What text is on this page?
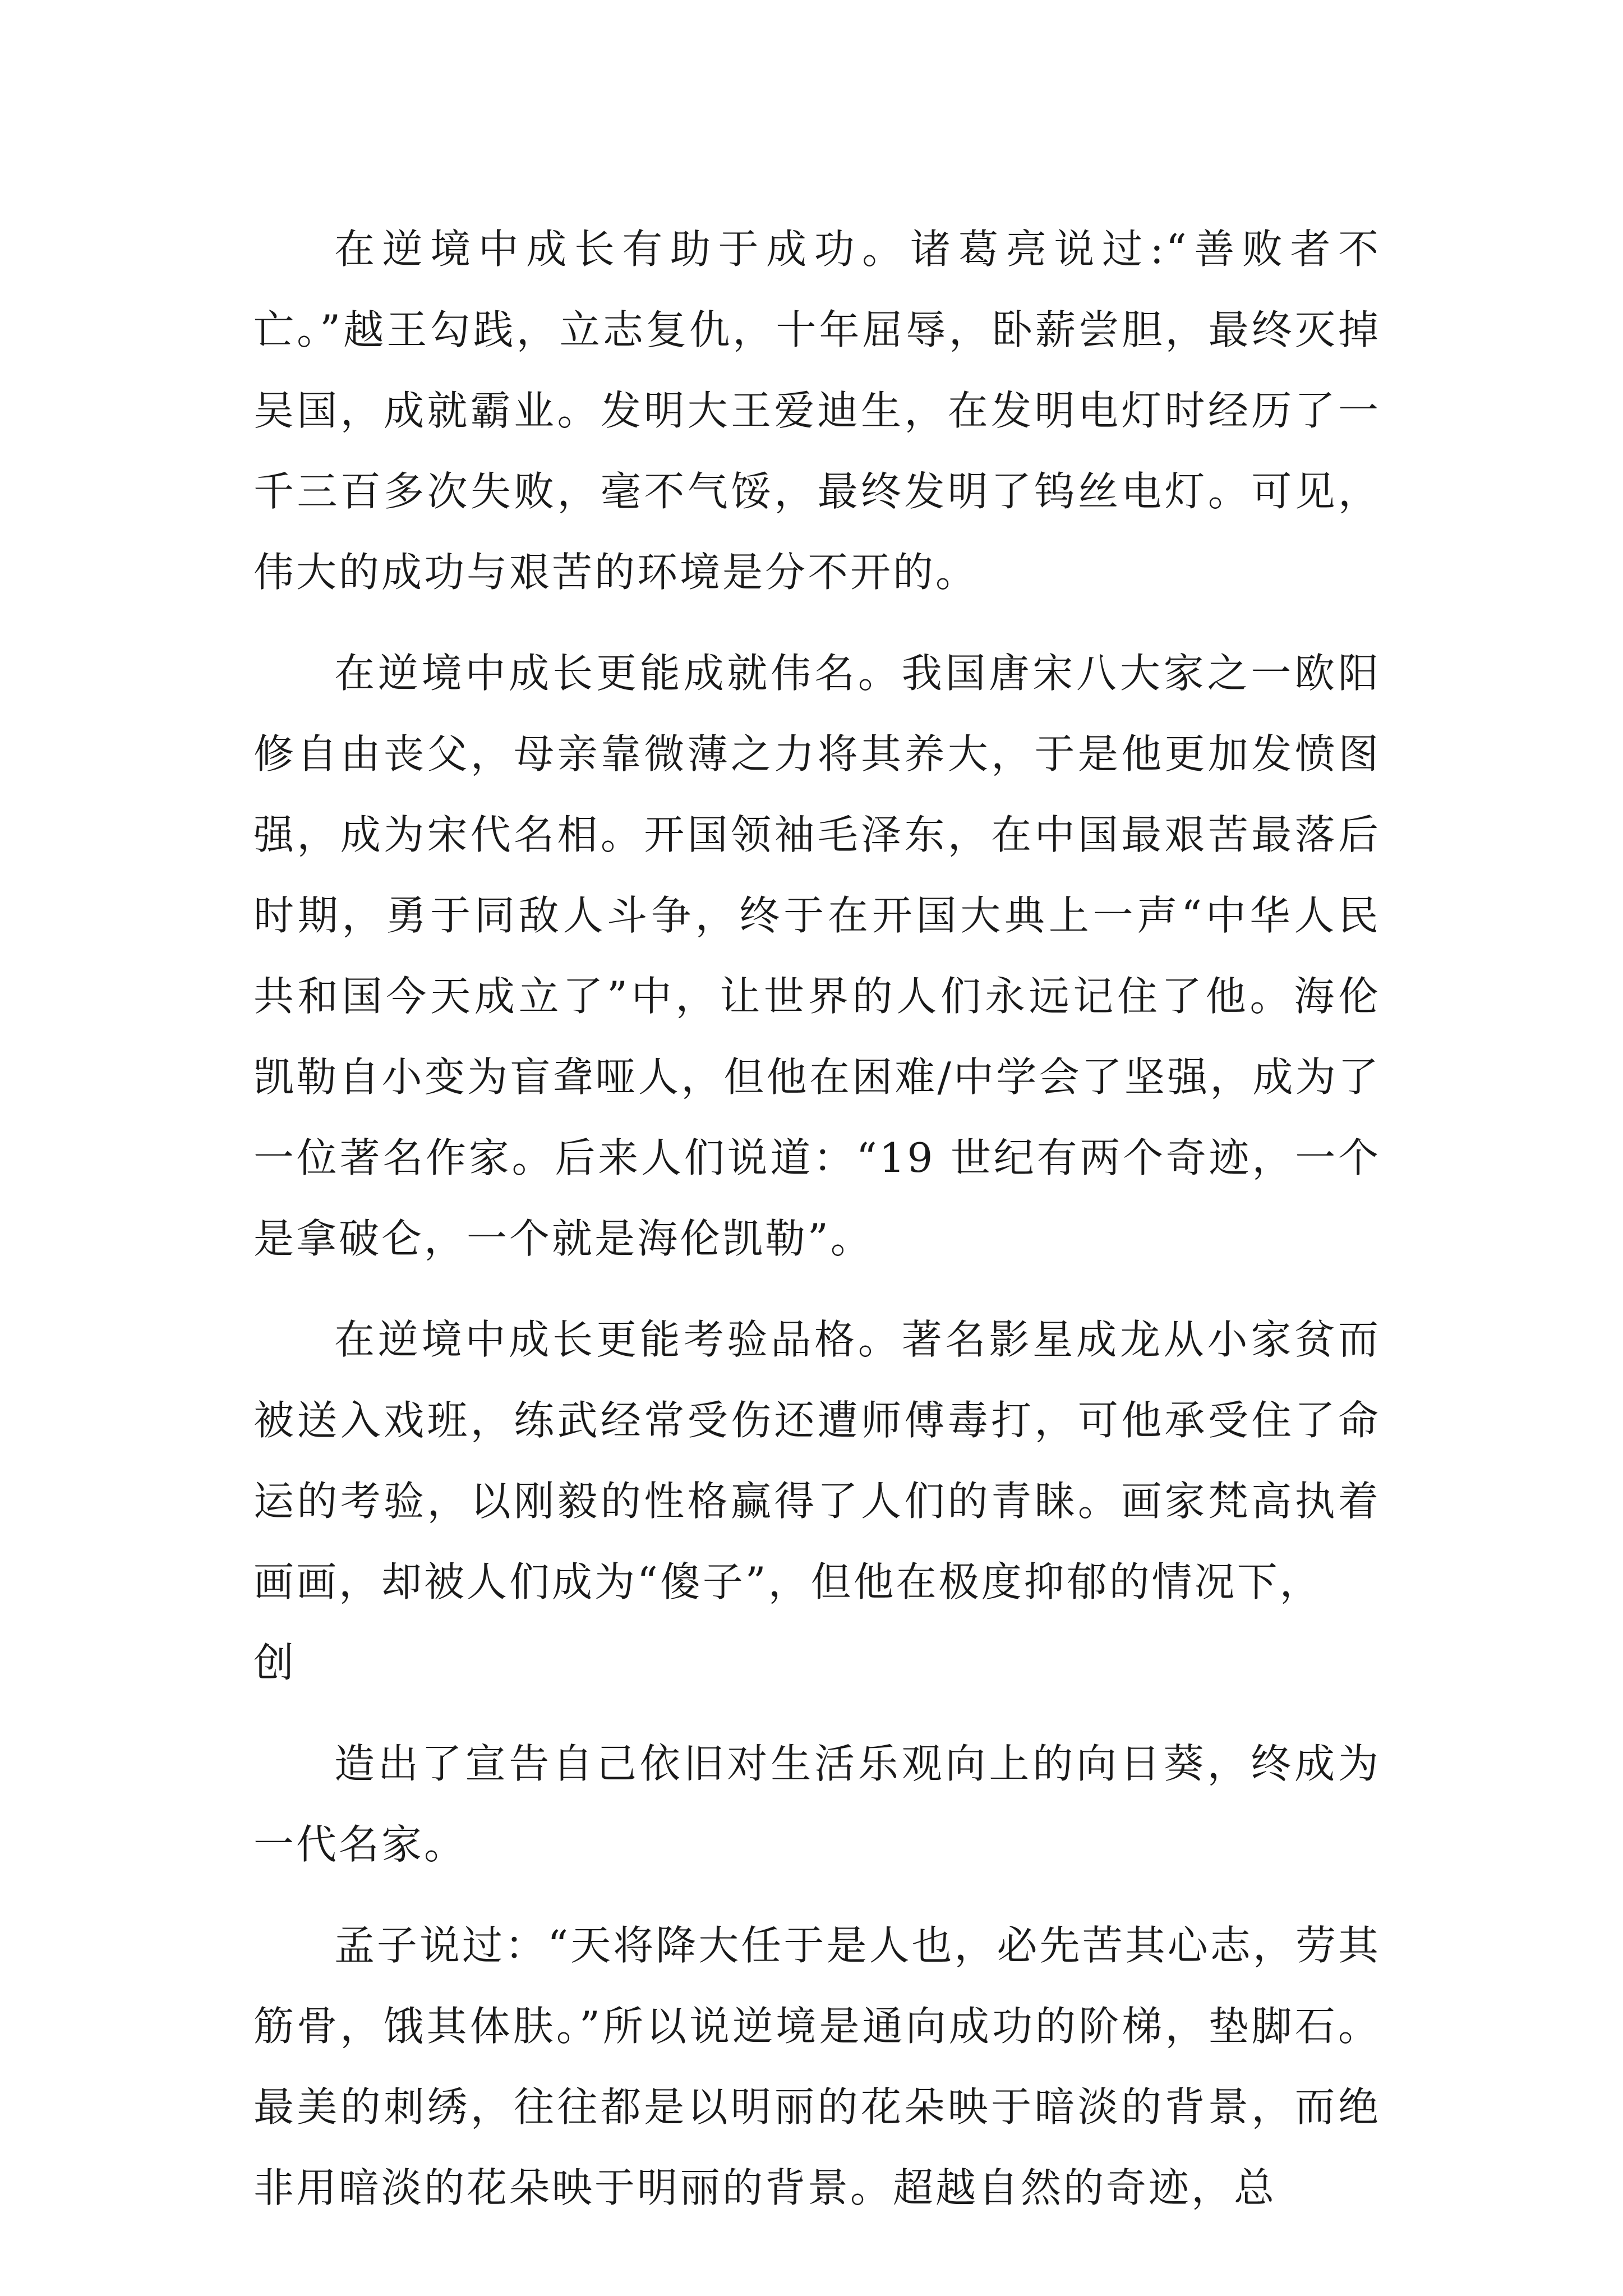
在逆境中成长有助于成功。诸葛亮说过:“善败者不亡。”越王勾践，立志复仇，十年屈辱，卧薪尝胆，最终灭掉吴国，成就霸业。发明大王爱迪生，在发明电灯时经历了一千三百多次失败，毫不气馁，最终发明了钨丝电灯。可见，伟大的成功与艰苦的环境是分不开的。

在逆境中成长更能成就伟名。我国唐宋八大家之一欧阳修自由丧父，母亲靠微薄之力将其养大，于是他更加发愤图强，成为宋代名相。开国领袖毛泽东，在中国最艰苦最落后时期，勇于同敌人斗争，终于在开国大典上一声“中华人民共和国今天成立了”中，让世界的人们永远记住了他。海伦凯勒自小变为盲聋哑人，但他在困难/中学会了坚强，成为了一位著名作家。后来人们说道：“19 世纪有两个奇迹，一个是拿破仑，一个就是海伦凯勒”。

在逆境中成长更能考验品格。著名影星成龙从小家贫而被送入戏班，练武经常受伤还遭师傅毒打，可他承受住了命运的考验，以刚毅的性格赢得了人们的青睐。画家梵高执着画画，却被人们成为“傻子”，但他在极度抑郁的情况下，

创

造出了宣告自己依旧对生活乐观向上的向日葵，终成为一代名家。

孟子说过：“天将降大任于是人也，必先苦其心志，劳其筋骨，饿其体肤。”所以说逆境是通向成功的阶梯，垫脚石。最美的刺绣，往往都是以明丽的花朵映于暗淡的背景，而绝非用暗淡的花朵映于明丽的背景。超越自然的奇迹，总
